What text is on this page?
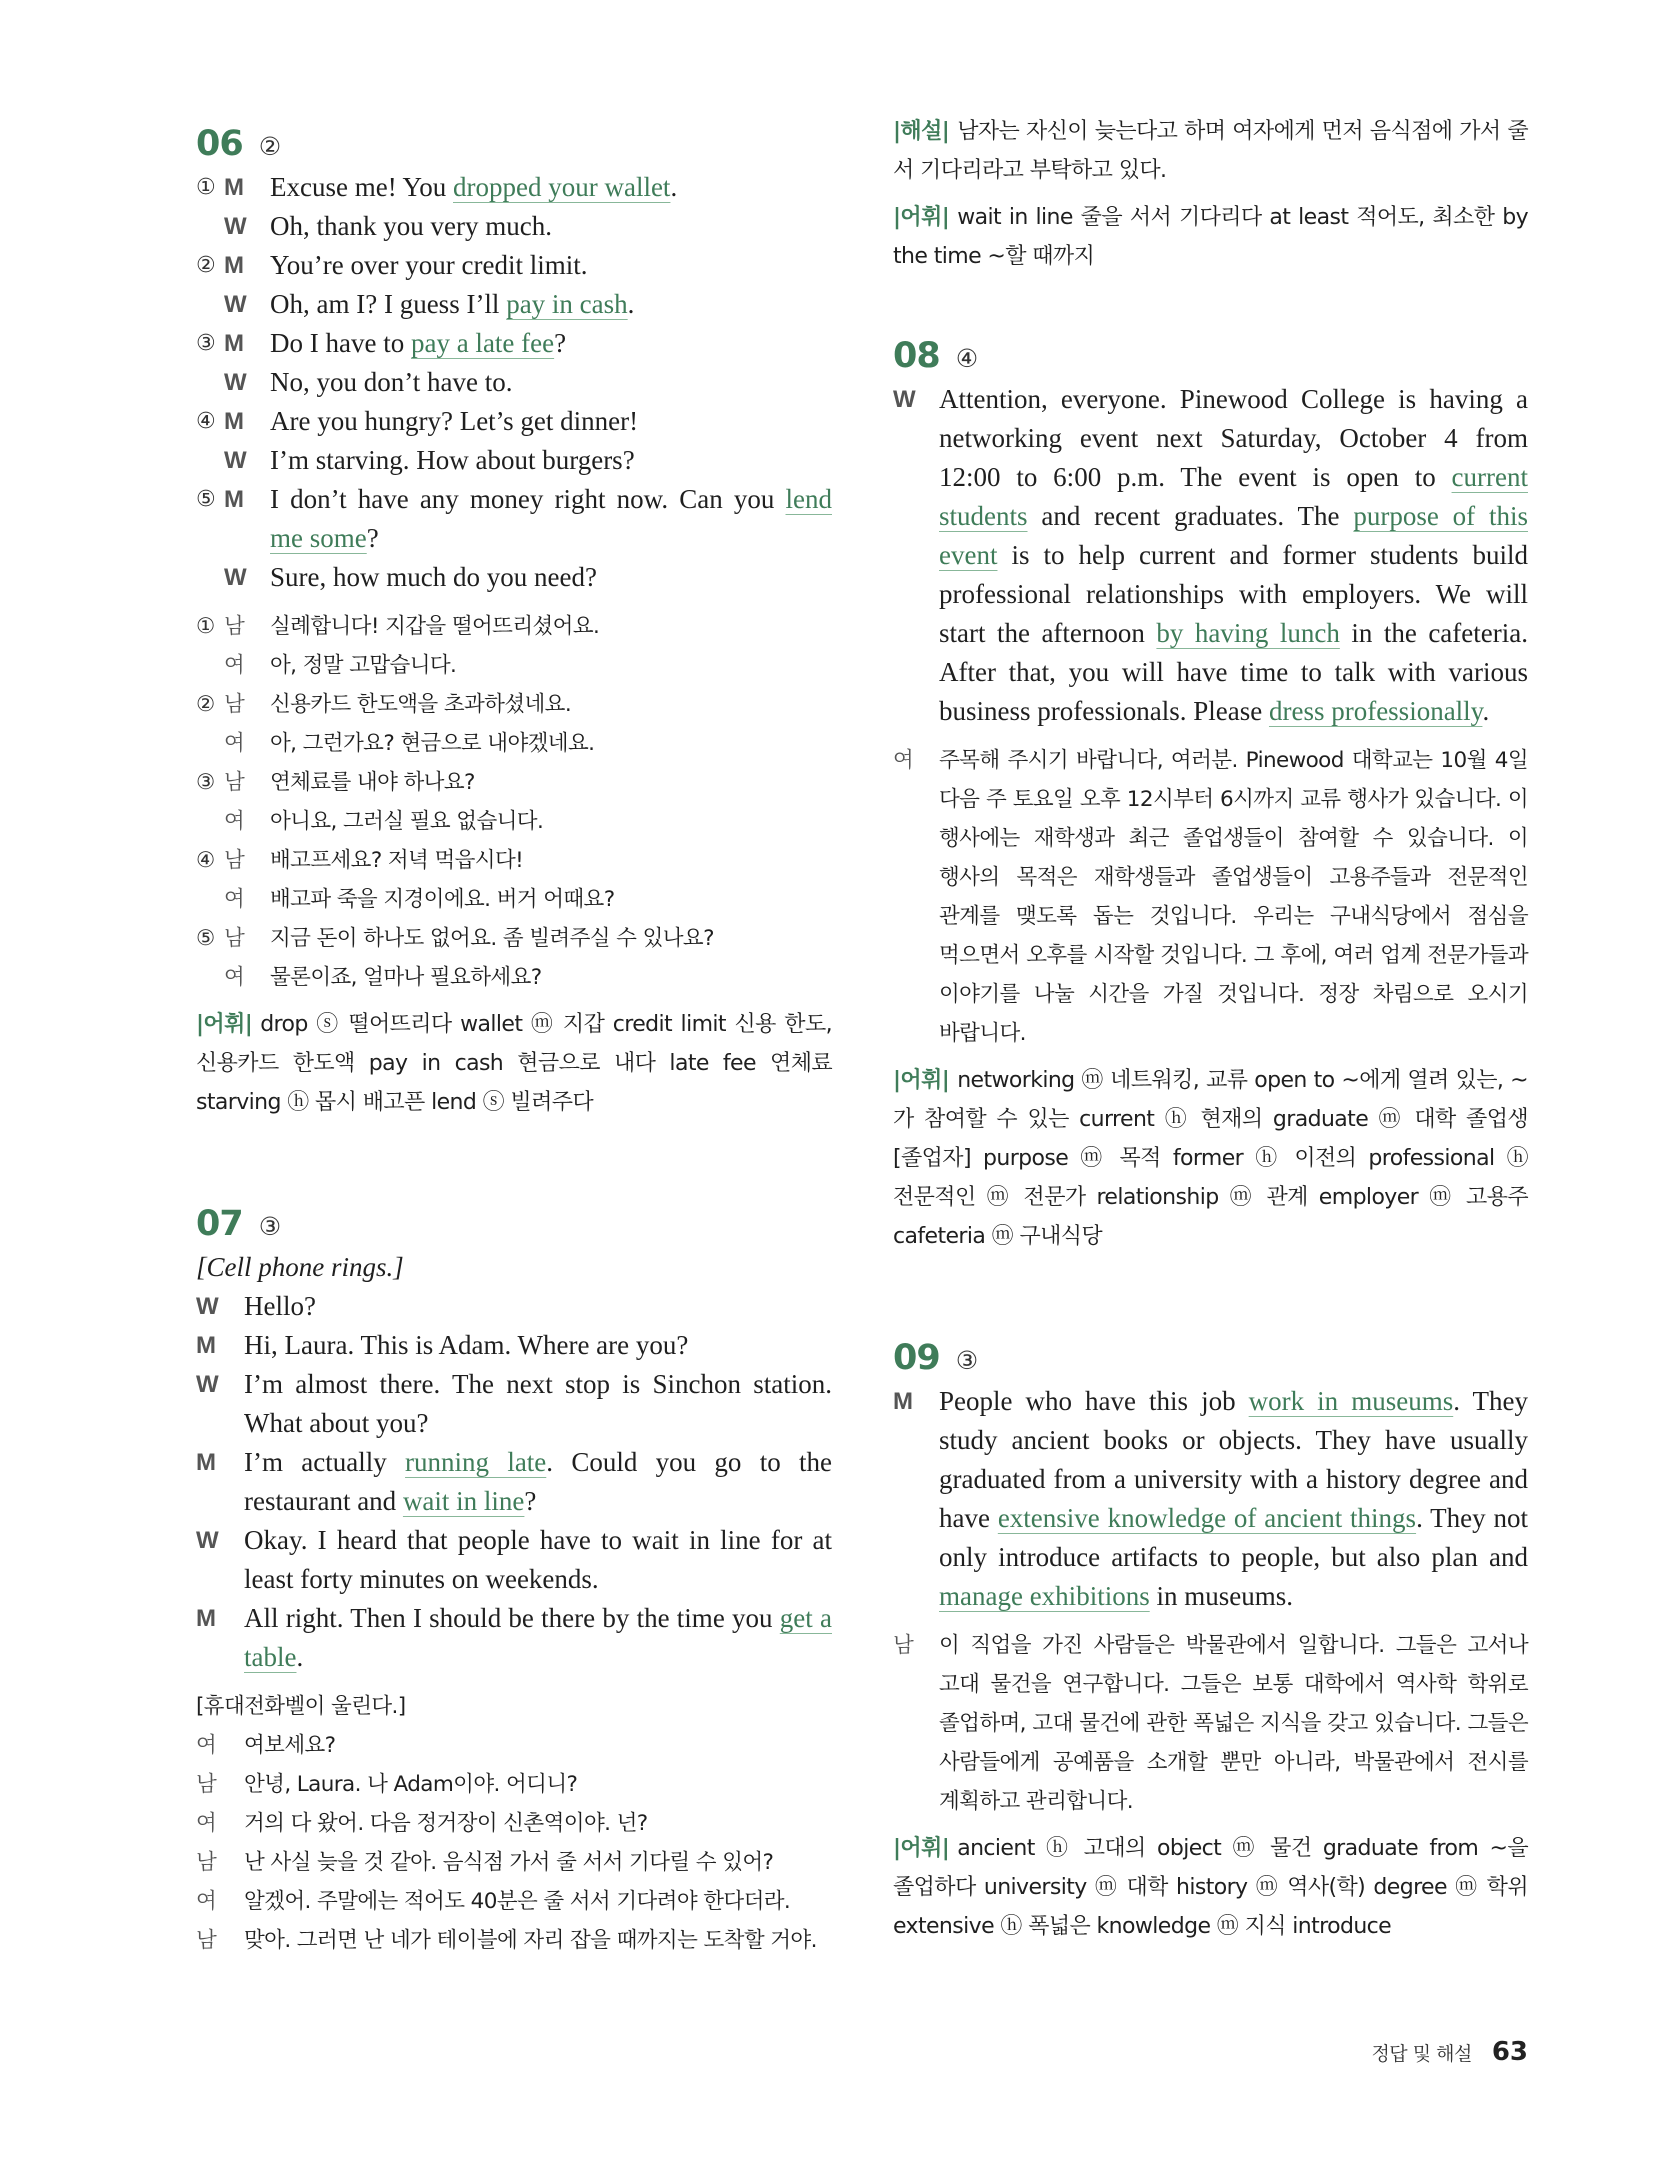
06 ②
① M Excuse me! You dropped your wallet.
W Oh, thank you very much.
② M You’re over your credit limit.
W Oh, am I? I guess I’ll pay in cash.
③ M Do I have to pay a late fee?
W No, you don’t have to.
④ M Are you hungry? Let’s get dinner!
W I’m starving. How about burgers?
⑤ M I don’t have any money right now. Can you lend me some?
W Sure, how much do you need?
① 남	실례합니다! 지갑을 떨어뜨리셨어요.
여	아, 정말 고맙습니다.
② 남	신용카드 한도액을 초과하셨네요.
여	아, 그런가요? 현금으로 내야겠네요.
③ 남	연체료를 내야 하나요?
여	아니요, 그러실 필요 없습니다.
④ 남	배고프세요? 저녁 먹읍시다!
여	배고파 죽을 지경이에요. 버거 어때요?
⑤ 남	지금 돈이 하나도 없어요. 좀 빌려주실 수 있나요?
여	물론이죠, 얼마나 필요하세요?
|어휘| drop ⓢ 떨어뜨리다 wallet ⓜ 지갑 credit limit 신용 한도, 신용카드 한도액 pay in cash 현금으로 내다 late fee 연체료 starving ⓗ 몹시 배고픈 lend ⓢ 빌려주다
07 ③
[Cell phone rings.]
W Hello?
M	Hi, Laura. This is Adam. Where are you?
W I’m almost there. The next stop is Sinchon station. What about you?
M	I’m actually running late. Could you go to the restaurant and wait in line?
W Okay. I heard that people have to wait in line for at least forty minutes on weekends.
M	All right. Then I should be there by the time you get a table.
[휴대전화벨이 울린다.]
여	여보세요?
남	안녕, Laura. 나 Adam이야. 어디니?
여	거의 다 왔어. 다음 정거장이 신촌역이야. 넌?
남	난 사실 늦을 것 같아. 음식점 가서 줄 서서 기다릴 수 있어?
여	알겠어. 주말에는 적어도 40분은 줄 서서 기다려야 한다더라.
남	맞아. 그러면 난 네가 테이블에 자리 잡을 때까지는 도착할 거야.
|해설| 남자는 자신이 늦는다고 하며 여자에게 먼저 음식점에 가서 줄 서 기다리라고 부탁하고 있다.
|어휘| wait in line 줄을 서서 기다리다 at least 적어도, 최소한 by the time ~할 때까지
08 ④
W Attention, everyone. Pinewood College is having a networking event next Saturday, October 4 from 12:00 to 6:00 p.m. The event is open to current students and recent graduates. The purpose of this event is to help current and former students build professional relationships with employers. We will start the afternoon by having lunch in the cafeteria. After that, you will have time to talk with various business professionals. Please dress professionally.
여	주목해 주시기 바랍니다, 여러분. Pinewood 대학교는 10월 4일 다음 주 토요일 오후 12시부터 6시까지 교류 행사가 있습니다. 이 행사에는 재학생과 최근 졸업생들이 참여할 수 있습니다. 이 행사의 목적은 재학생들과 졸업생들이 고용주들과 전문적인 관계를 맺도록 돕는 것입니다. 우리는 구내식당에서 점심을 먹으면서 오후를 시작할 것입니다. 그 후에, 여러 업계 전문가들과 이야기를 나눌 시간을 가질 것입니다. 정장 차림으로 오시기 바랍니다.
|어휘| networking ⓜ 네트워킹, 교류 open to ~에게 열려 있는, ~가 참여할 수 있는 current ⓗ 현재의 graduate ⓜ 대학 졸업생[졸업자] purpose ⓜ 목적 former ⓗ 이전의 professional ⓗ 전문적인 ⓜ 전문가 relationship ⓜ 관계 employer ⓜ 고용주 cafeteria ⓜ 구내식당
09 ③
M People who have this job work in museums. They study ancient books or objects. They have usually graduated from a university with a history degree and have extensive knowledge of ancient things. They not only introduce artifacts to people, but also plan and manage exhibitions in museums.
남	이 직업을 가진 사람들은 박물관에서 일합니다. 그들은 고서나 고대 물건을 연구합니다. 그들은 보통 대학에서 역사학 학위로 졸업하며, 고대 물건에 관한 폭넓은 지식을 갖고 있습니다. 그들은 사람들에게 공예품을 소개할 뿐만 아니라, 박물관에서 전시를 계획하고 관리합니다.
|어휘| ancient ⓗ 고대의 object ⓜ 물건 graduate from ~을 졸업하다 university ⓜ 대학 history ⓜ 역사(학) degree ⓜ 학위 extensive ⓗ 폭넓은 knowledge ⓜ 지식 introduce
정답 및 해설 63
